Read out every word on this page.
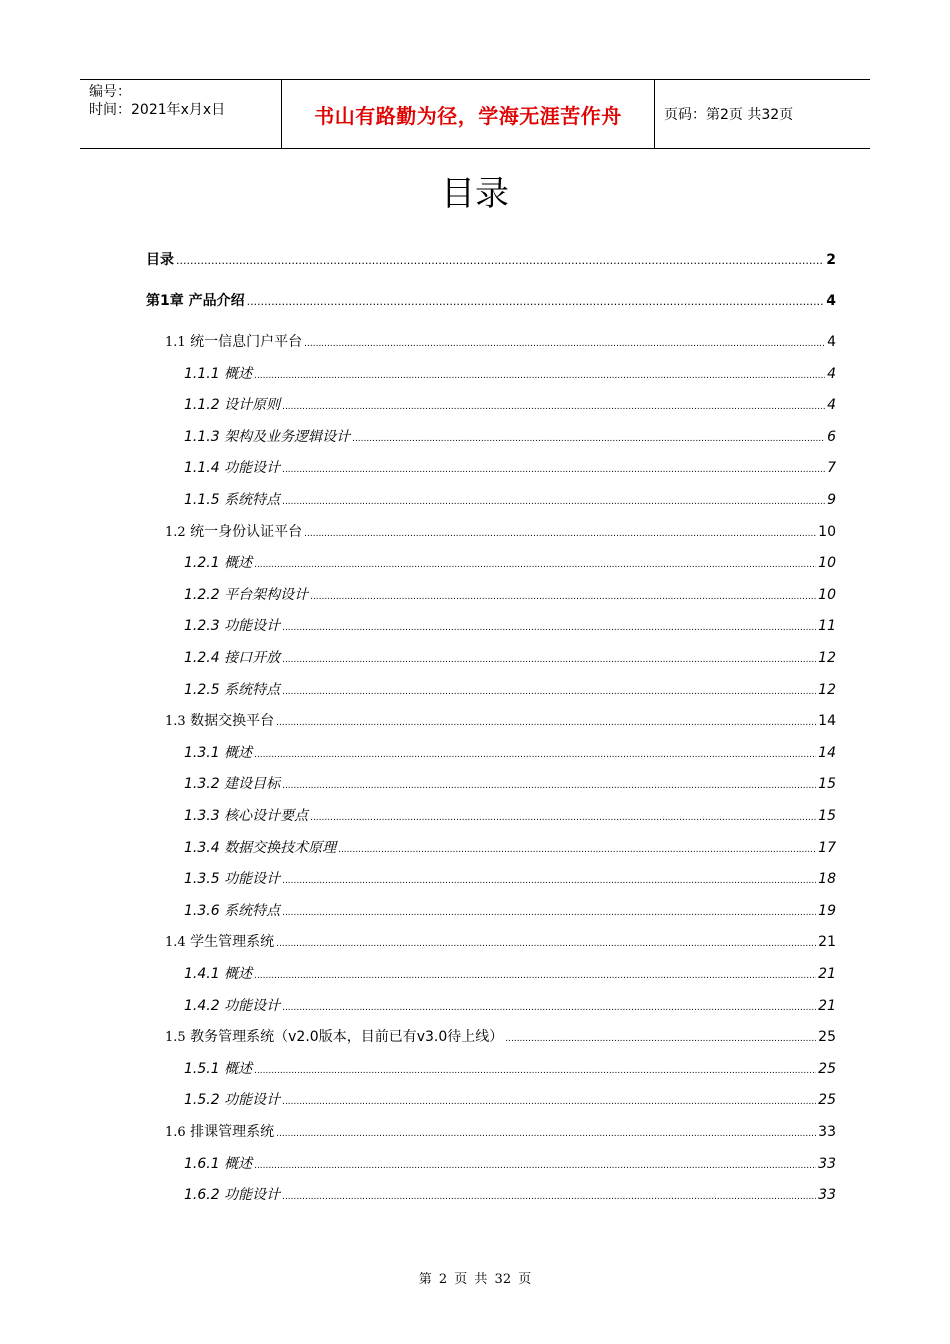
编号：
时间：2021年x月x日	书山有路勤为径，学海无涯苦作舟	页码：第2页 共32页
目录
目录 .....	2
第1章 产品介绍 .....	4
1.1 统一信息门户平台 .....	4
1.1.1 概述 .....	4
1.1.2 设计原则 .....	4
1.1.3 架构及业务逻辑设计 .....	6
1.1.4 功能设计 .....	7
1.1.5 系统特点 .....	9
1.2 统一身份认证平台 .....	10
1.2.1 概述 .....	10
1.2.2 平台架构设计 .....	10
1.2.3 功能设计 .....	11
1.2.4 接口开放 .....	12
1.2.5 系统特点 .....	12
1.3 数据交换平台 .....	14
1.3.1 概述 .....	14
1.3.2 建设目标 .....	15
1.3.3 核心设计要点 .....	15
1.3.4 数据交换技术原理 .....	17
1.3.5 功能设计 .....	18
1.3.6 系统特点 .....	19
1.4 学生管理系统 .....	21
1.4.1 概述 .....	21
1.4.2 功能设计 .....	21
1.5 教务管理系统（v2.0版本，目前已有v3.0待上线） .....	25
1.5.1 概述 .....	25
1.5.2 功能设计 .....	25
1.6 排课管理系统 .....	33
1.6.1 概述 .....	33
1.6.2 功能设计 .....	33
第 2 页 共 32 页
